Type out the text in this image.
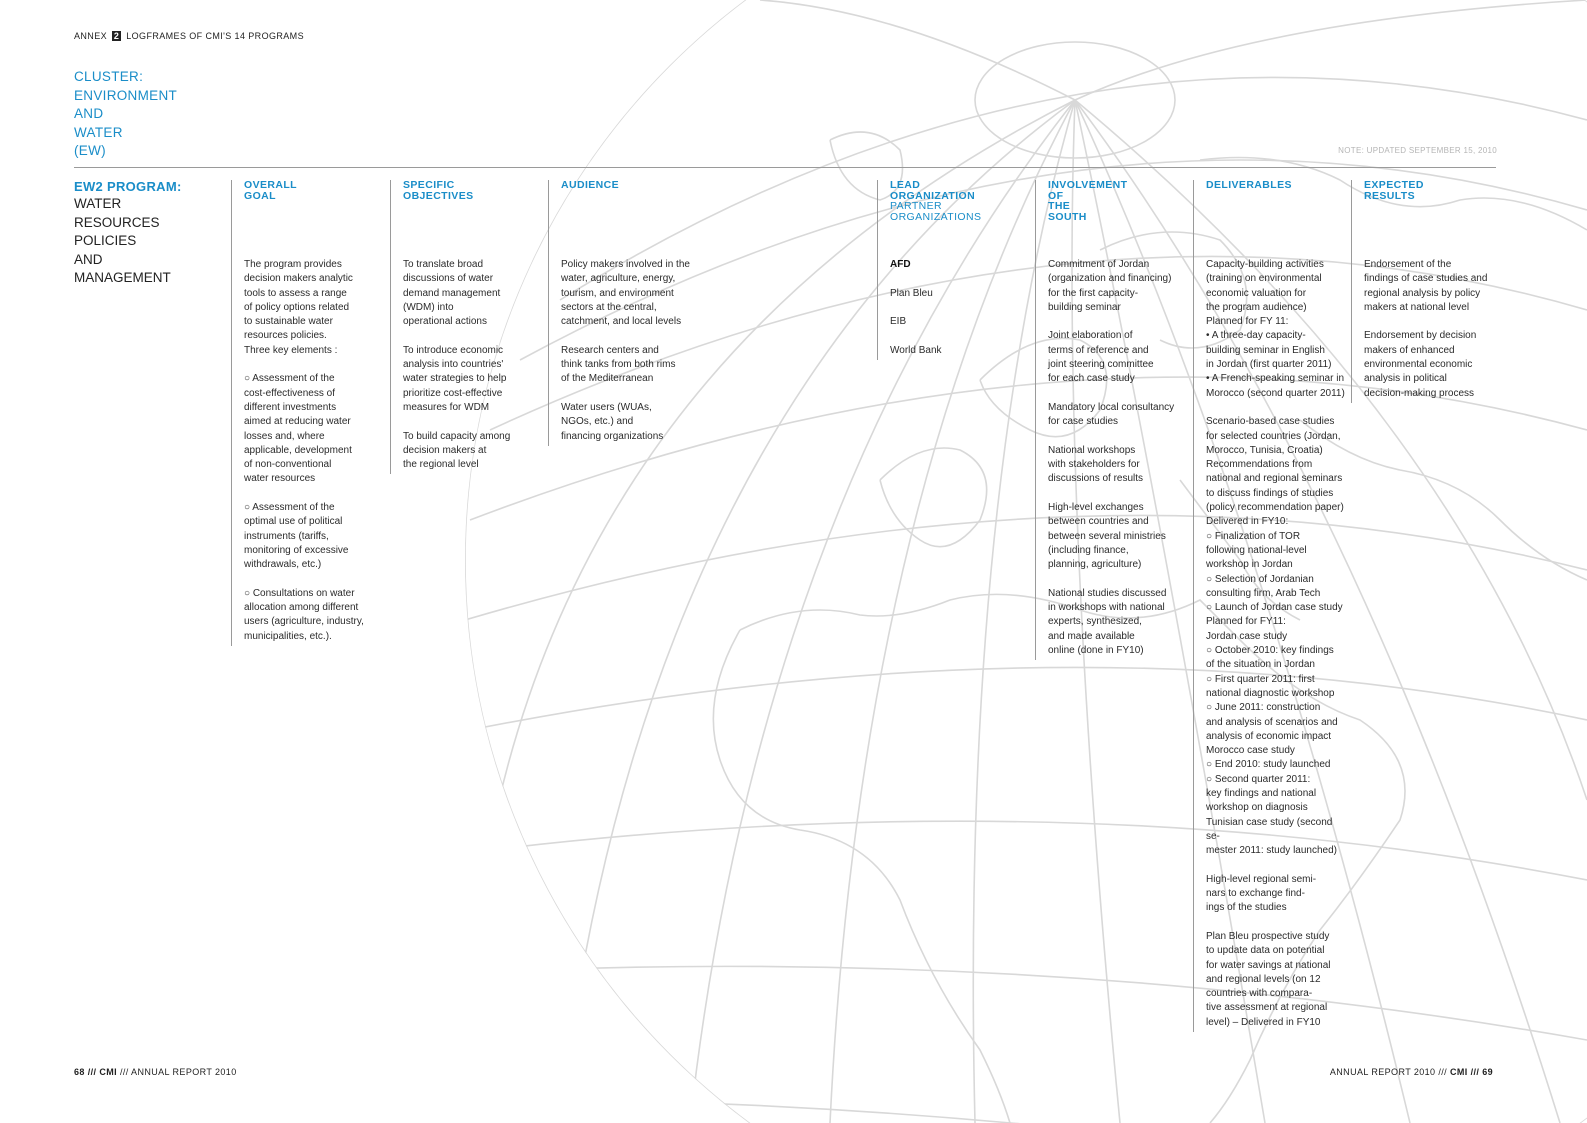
ANNEX 2 LOGFRAMES OF CMI'S 14 PROGRAMS
CLUSTER:
ENVIRONMENT
AND
WATER
(EW)	NOTE: UPDATED SEPTEMBER 15, 2010
EW2 PROGRAM:
WATER
RESOURCES
POLICIES
AND
MANAGEMENT
OVERALL
GOAL

The program provides
decision makers analytic
tools to assess a range
of policy options related
to sustainable water
resources policies.
Three key elements :

○ Assessment of the
cost-effectiveness of
different investments
aimed at reducing water
losses and, where
applicable, development
of non-conventional
water resources

○ Assessment of the
optimal use of political
instruments (tariffs,
monitoring of excessive
withdrawals, etc.)

○ Consultations on water
allocation among different
users (agriculture, industry,
municipalities, etc.).

SPECIFIC
OBJECTIVES

To translate broad
discussions of water
demand management
(WDM) into
operational actions

To introduce economic
analysis into countries'
water strategies to help
prioritize cost-effective
measures for WDM

To build capacity among
decision makers at
the regional level

AUDIENCE

Policy makers involved in the
water, agriculture, energy,
tourism, and environment
sectors at the central,
catchment, and local levels

Research centers and
think tanks from both rims
of the Mediterranean

Water users (WUAs,
NGOs, etc.) and
financing organizations

LEAD
ORGANIZATION
PARTNER
ORGANIZATIONS

AFD

Plan Bleu

EIB

World Bank

INVOLVEMENT
OF
THE
SOUTH

Commitment of Jordan
(organization and financing)
for the first capacity-
building seminar

Joint elaboration of
terms of reference and
joint steering committee
for each case study

Mandatory local consultancy
for case studies

National workshops
with stakeholders for
discussions of results

High-level exchanges
between countries and
between several ministries
(including finance,
planning, agriculture)

National studies discussed
in workshops with national
experts, synthesized,
and made available
online (done in FY10)

DELIVERABLES

Capacity-building activities
(training on environmental
economic valuation for
the program audience)
Planned for FY 11:
• A three-day capacity-
building seminar in English
in Jordan (first quarter 2011)
• A French-speaking seminar in
Morocco (second quarter 2011)

Scenario-based case studies
for selected countries (Jordan,
Morocco, Tunisia, Croatia)
Recommendations from
national and regional seminars
to discuss findings of studies
(policy recommendation paper)
Delivered in FY10:
○ Finalization of TOR
following national-level
workshop in Jordan
○ Selection of Jordanian
consulting firm, Arab Tech
○ Launch of Jordan case study
Planned for FY11:
Jordan case study
○ October 2010: key findings
of the situation in Jordan
○ First quarter 2011: first
national diagnostic workshop
○ June 2011: construction
and analysis of scenarios and
analysis of economic impact
Morocco case study
○ End 2010: study launched
○ Second quarter 2011:
key findings and national
workshop on diagnosis
Tunisian case study (second se-
mester 2011: study launched)

High-level regional semi-
nars to exchange find-
ings of the studies

Plan Bleu prospective study
to update data on potential
for water savings at national
and regional levels (on 12
countries with compara-
tive assessment at regional
level) – Delivered in FY10

EXPECTED
RESULTS

Endorsement of the
findings of case studies and
regional analysis by policy
makers at national level

Endorsement by decision
makers of enhanced
environmental economic
analysis in political
decision-making process

68 /// CMI /// ANNUAL REPORT 2010	ANNUAL REPORT 2010 /// CMI /// 69
